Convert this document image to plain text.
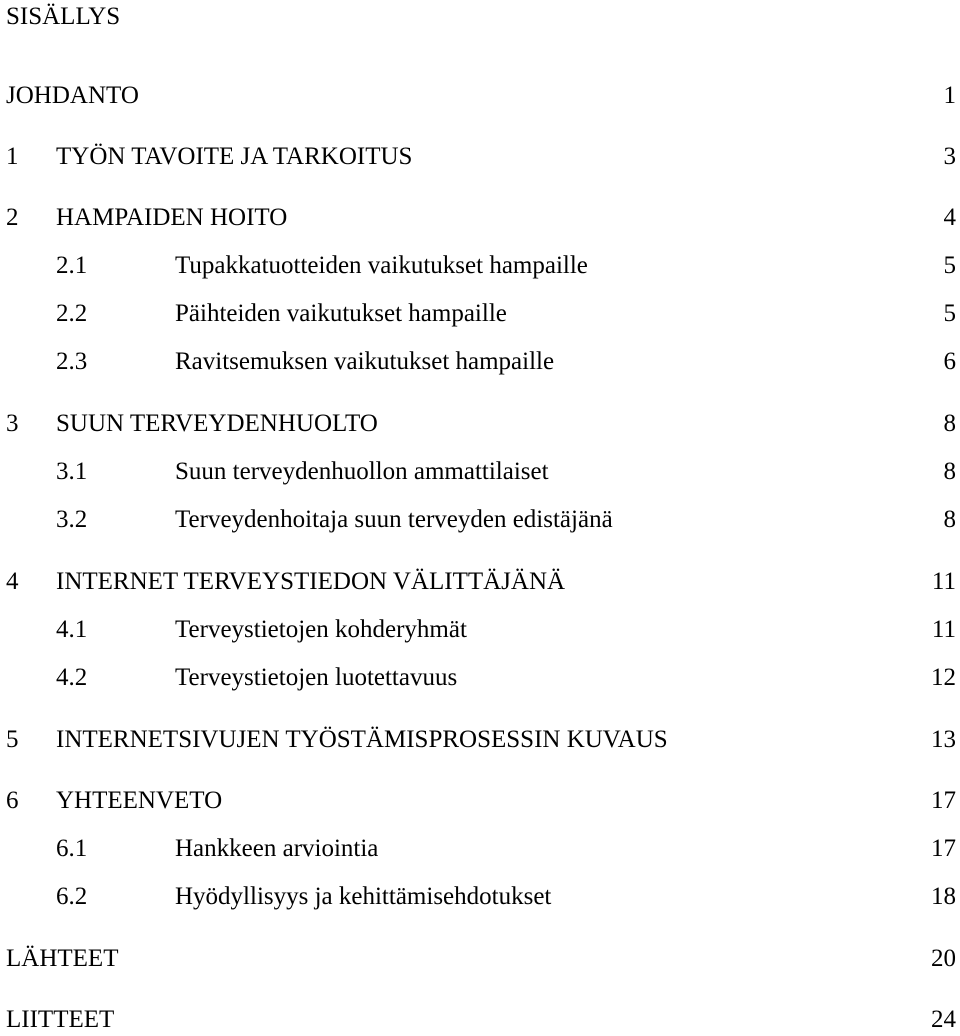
SISÄLLYS
JOHDANTO	1
1 TYÖN TAVOITE JA TARKOITUS	3
2 HAMPAIDEN HOITO	4
2.1	Tupakkatuotteiden vaikutukset hampaille	5
2.2	Päihteiden vaikutukset hampaille	5
2.3	Ravitsemuksen vaikutukset hampaille	6
3 SUUN TERVEYDENHUOLTO	8
3.1	Suun terveydenhuollon ammattilaiset	8
3.2	Terveydenhoitaja suun terveyden edistäjänä	8
4 INTERNET TERVEYSTIEDON VÄLITTÄJÄNÄ	11
4.1	Terveystietojen kohderyhmät	11
4.2	Terveystietojen luotettavuus	12
5 INTERNETSIVUJEN TYÖSTÄMISPROSESSIN KUVAUS	13
6 YHTEENVETO	17
6.1	Hankkeen arviointia	17
6.2	Hyödyllisyys ja kehittämisehdotukset	18
LÄHTEET	20
LIITTEET	24
